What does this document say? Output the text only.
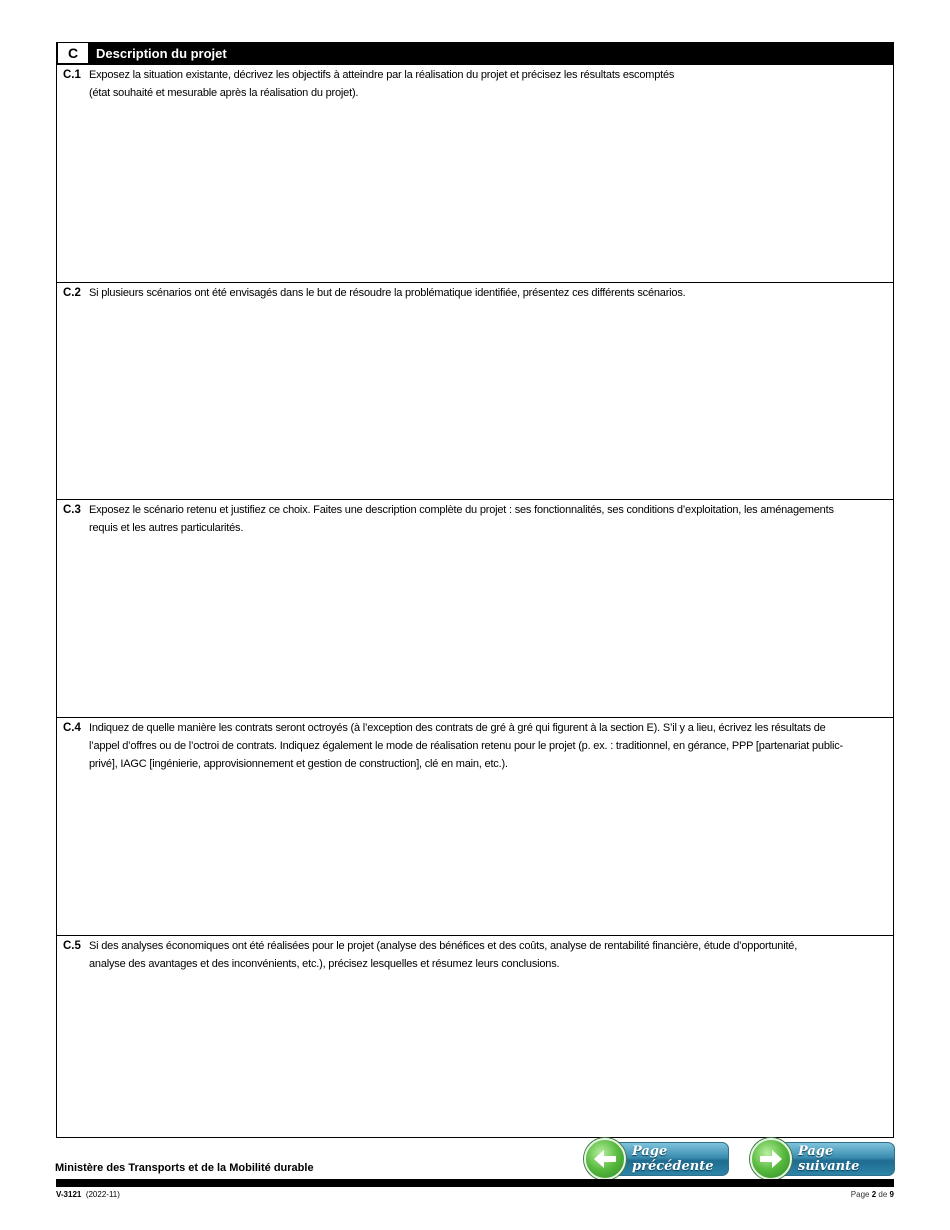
C	Description du projet
C.1 Exposez la situation existante, décrivez les objectifs à atteindre par la réalisation du projet et précisez les résultats escomptés
(état souhaité et mesurable après la réalisation du projet).
C.2 Si plusieurs scénarios ont été envisagés dans le but de résoudre la problématique identifiée, présentez ces différents scénarios.
C.3 Exposez le scénario retenu et justifiez ce choix. Faites une description complète du projet : ses fonctionnalités, ses conditions d’exploitation, les aménagements
requis et les autres particularités.
C.4 Indiquez de quelle manière les contrats seront octroyés (à l’exception des contrats de gré à gré qui figurent à la section E). S’il y a lieu, écrivez les résultats de
l’appel d’offres ou de l’octroi de contrats. Indiquez également le mode de réalisation retenu pour le projet (p. ex. : traditionnel, en gérance, PPP [partenariat public-
privé], IAGC [ingénierie, approvisionnement et gestion de construction], clé en main, etc.).
C.5 Si des analyses économiques ont été réalisées pour le projet (analyse des bénéfices et des coûts, analyse de rentabilité financière, étude d’opportunité,
analyse des avantages et des inconvénients, etc.), précisez lesquelles et résumez leurs conclusions.
Page précédente
Page suivante
Ministère des Transports et de la Mobilité durable
V-3121 (2022-11)	Page 2 de 9
